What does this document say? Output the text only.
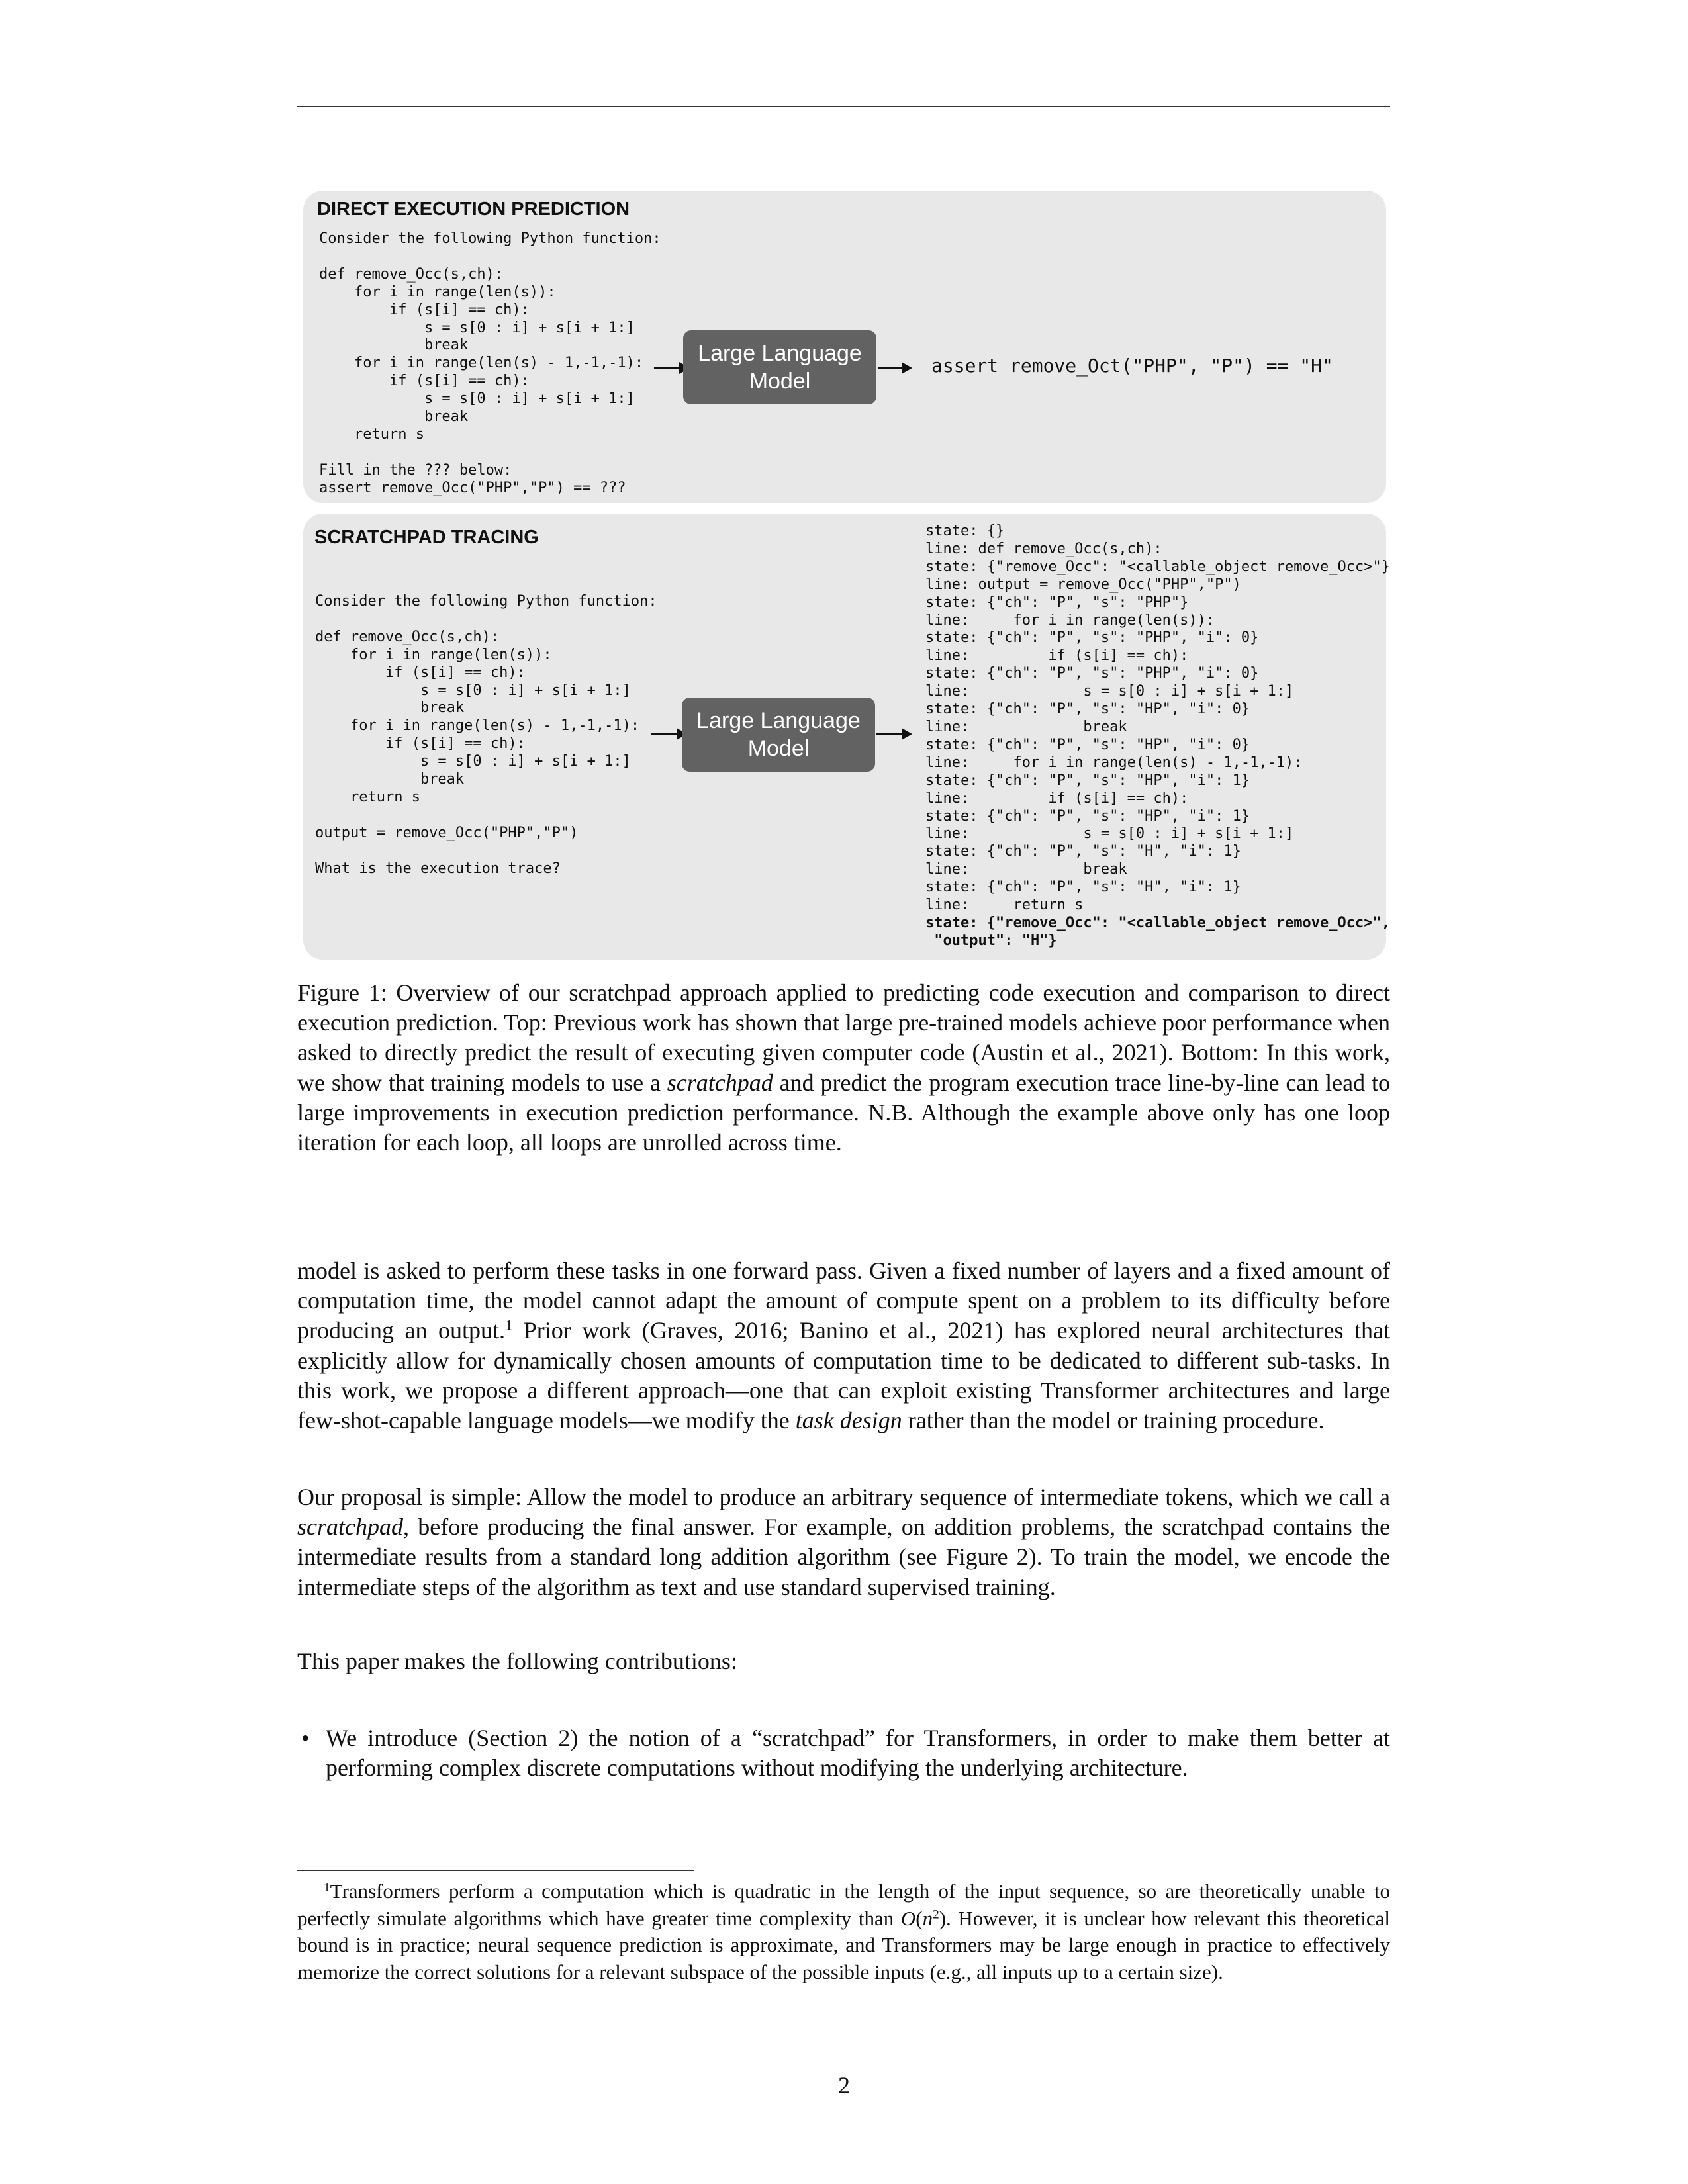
DIRECT EXECUTION PREDICTION
Consider the following Python function:

def remove_Occ(s,ch):
for i in range(len(s)):
if (s[i] == ch):
s = s[0 : i] + s[i + 1:]
break
for i in range(len(s) - 1,-1,-1):
if (s[i] == ch):
s = s[0 : i] + s[i + 1:]
break
return s

Fill in the ??? below:
assert remove_Occ("PHP","P") == ???
Large Language
Model
assert remove_Oct("PHP", "P") == "H"
SCRATCHPAD TRACING
Consider the following Python function:

def remove_Occ(s,ch):
for i in range(len(s)):
if (s[i] == ch):
s = s[0 : i] + s[i + 1:]
break
for i in range(len(s) - 1,-1,-1):
if (s[i] == ch):
s = s[0 : i] + s[i + 1:]
break
return s

output = remove_Occ("PHP","P")

What is the execution trace?
Large Language
Model
state: {}
line: def remove_Occ(s,ch):
state: {"remove_Occ": "<callable_object remove_Occ>"}
line: output = remove_Occ("PHP","P")
state: {"ch": "P", "s": "PHP"}
line:     for i in range(len(s)):
state: {"ch": "P", "s": "PHP", "i": 0}
line:         if (s[i] == ch):
state: {"ch": "P", "s": "PHP", "i": 0}
line:             s = s[0 : i] + s[i + 1:]
state: {"ch": "P", "s": "HP", "i": 0}
line:             break
state: {"ch": "P", "s": "HP", "i": 0}
line:     for i in range(len(s) - 1,-1,-1):
state: {"ch": "P", "s": "HP", "i": 1}
line:         if (s[i] == ch):
state: {"ch": "P", "s": "HP", "i": 1}
line:             s = s[0 : i] + s[i + 1:]
state: {"ch": "P", "s": "H", "i": 1}
line:             break
state: {"ch": "P", "s": "H", "i": 1}
line:     return s
state: {"remove_Occ": "<callable_object remove_Occ>",
"output": "H"}
Figure 1: Overview of our scratchpad approach applied to predicting code execution and comparison to direct execution prediction. Top: Previous work has shown that large pre-trained models achieve poor performance when asked to directly predict the result of executing given computer code (Austin et al., 2021). Bottom: In this work, we show that training models to use a scratchpad and predict the program execution trace line-by-line can lead to large improvements in execution prediction performance. N.B. Although the example above only has one loop iteration for each loop, all loops are unrolled across time.
model is asked to perform these tasks in one forward pass. Given a fixed number of layers and a fixed amount of computation time, the model cannot adapt the amount of compute spent on a problem to its difficulty before producing an output.$^1$ Prior work (Graves, 2016; Banino et al., 2021) has explored neural architectures that explicitly allow for dynamically chosen amounts of computation time to be dedicated to different sub-tasks. In this work, we propose a different approach—one that can exploit existing Transformer architectures and large few-shot-capable language models—we modify the task design rather than the model or training procedure.
Our proposal is simple: Allow the model to produce an arbitrary sequence of intermediate tokens, which we call a scratchpad, before producing the final answer. For example, on addition problems, the scratchpad contains the intermediate results from a standard long addition algorithm (see Figure 2). To train the model, we encode the intermediate steps of the algorithm as text and use standard supervised training.
This paper makes the following contributions:
• We introduce (Section 2) the notion of a “scratchpad” for Transformers, in order to make them better at performing complex discrete computations without modifying the underlying architecture.
$^1$Transformers perform a computation which is quadratic in the length of the input sequence, so are theoretically unable to perfectly simulate algorithms which have greater time complexity than $O(n^2)$. However, it is unclear how relevant this theoretical bound is in practice; neural sequence prediction is approximate, and Transformers may be large enough in practice to effectively memorize the correct solutions for a relevant subspace of the possible inputs (e.g., all inputs up to a certain size).
2
